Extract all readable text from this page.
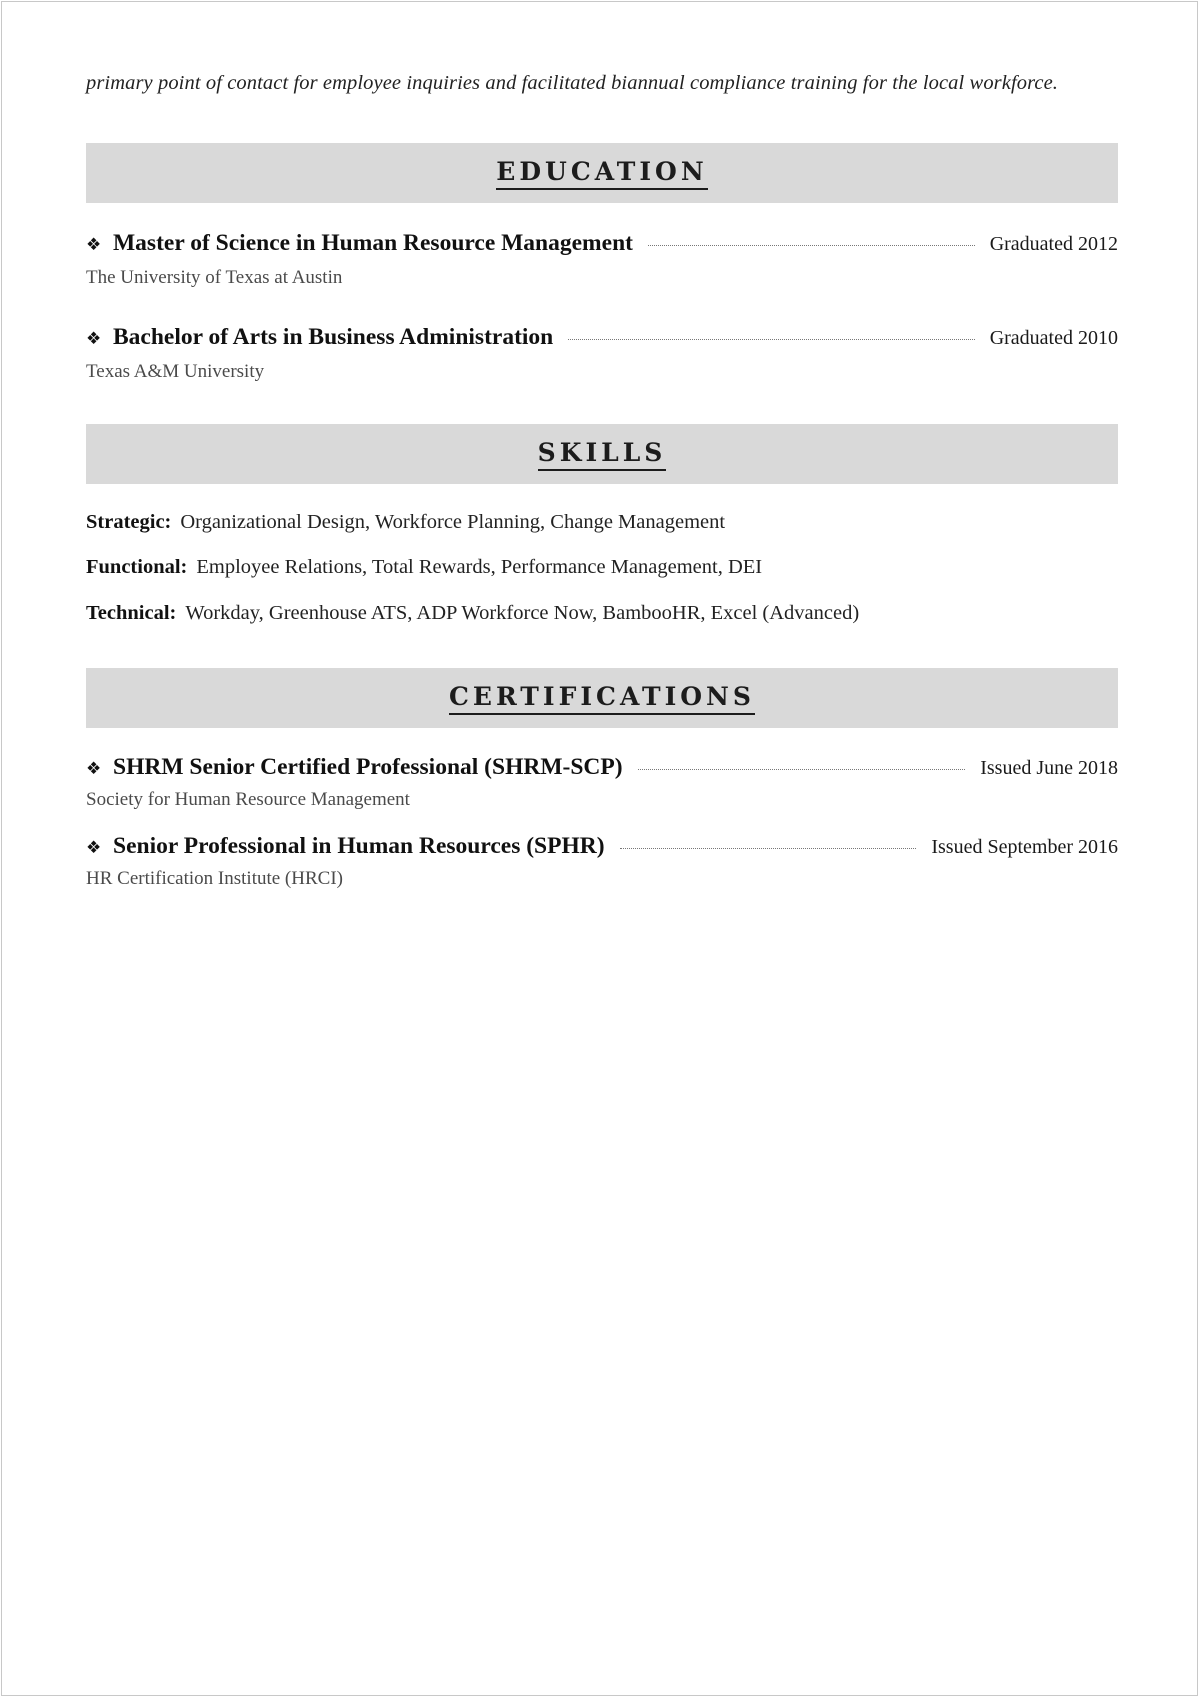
primary point of contact for employee inquiries and facilitated biannual compliance training for the local workforce.
EDUCATION
❖ Master of Science in Human Resource Management	Graduated 2012
The University of Texas at Austin
❖ Bachelor of Arts in Business Administration	Graduated 2010
Texas A&M University
SKILLS
Strategic: Organizational Design, Workforce Planning, Change Management
Functional: Employee Relations, Total Rewards, Performance Management, DEI
Technical: Workday, Greenhouse ATS, ADP Workforce Now, BambooHR, Excel (Advanced)
CERTIFICATIONS
❖ SHRM Senior Certified Professional (SHRM-SCP)	Issued June 2018
Society for Human Resource Management
❖ Senior Professional in Human Resources (SPHR)	Issued September 2016
HR Certification Institute (HRCI)
